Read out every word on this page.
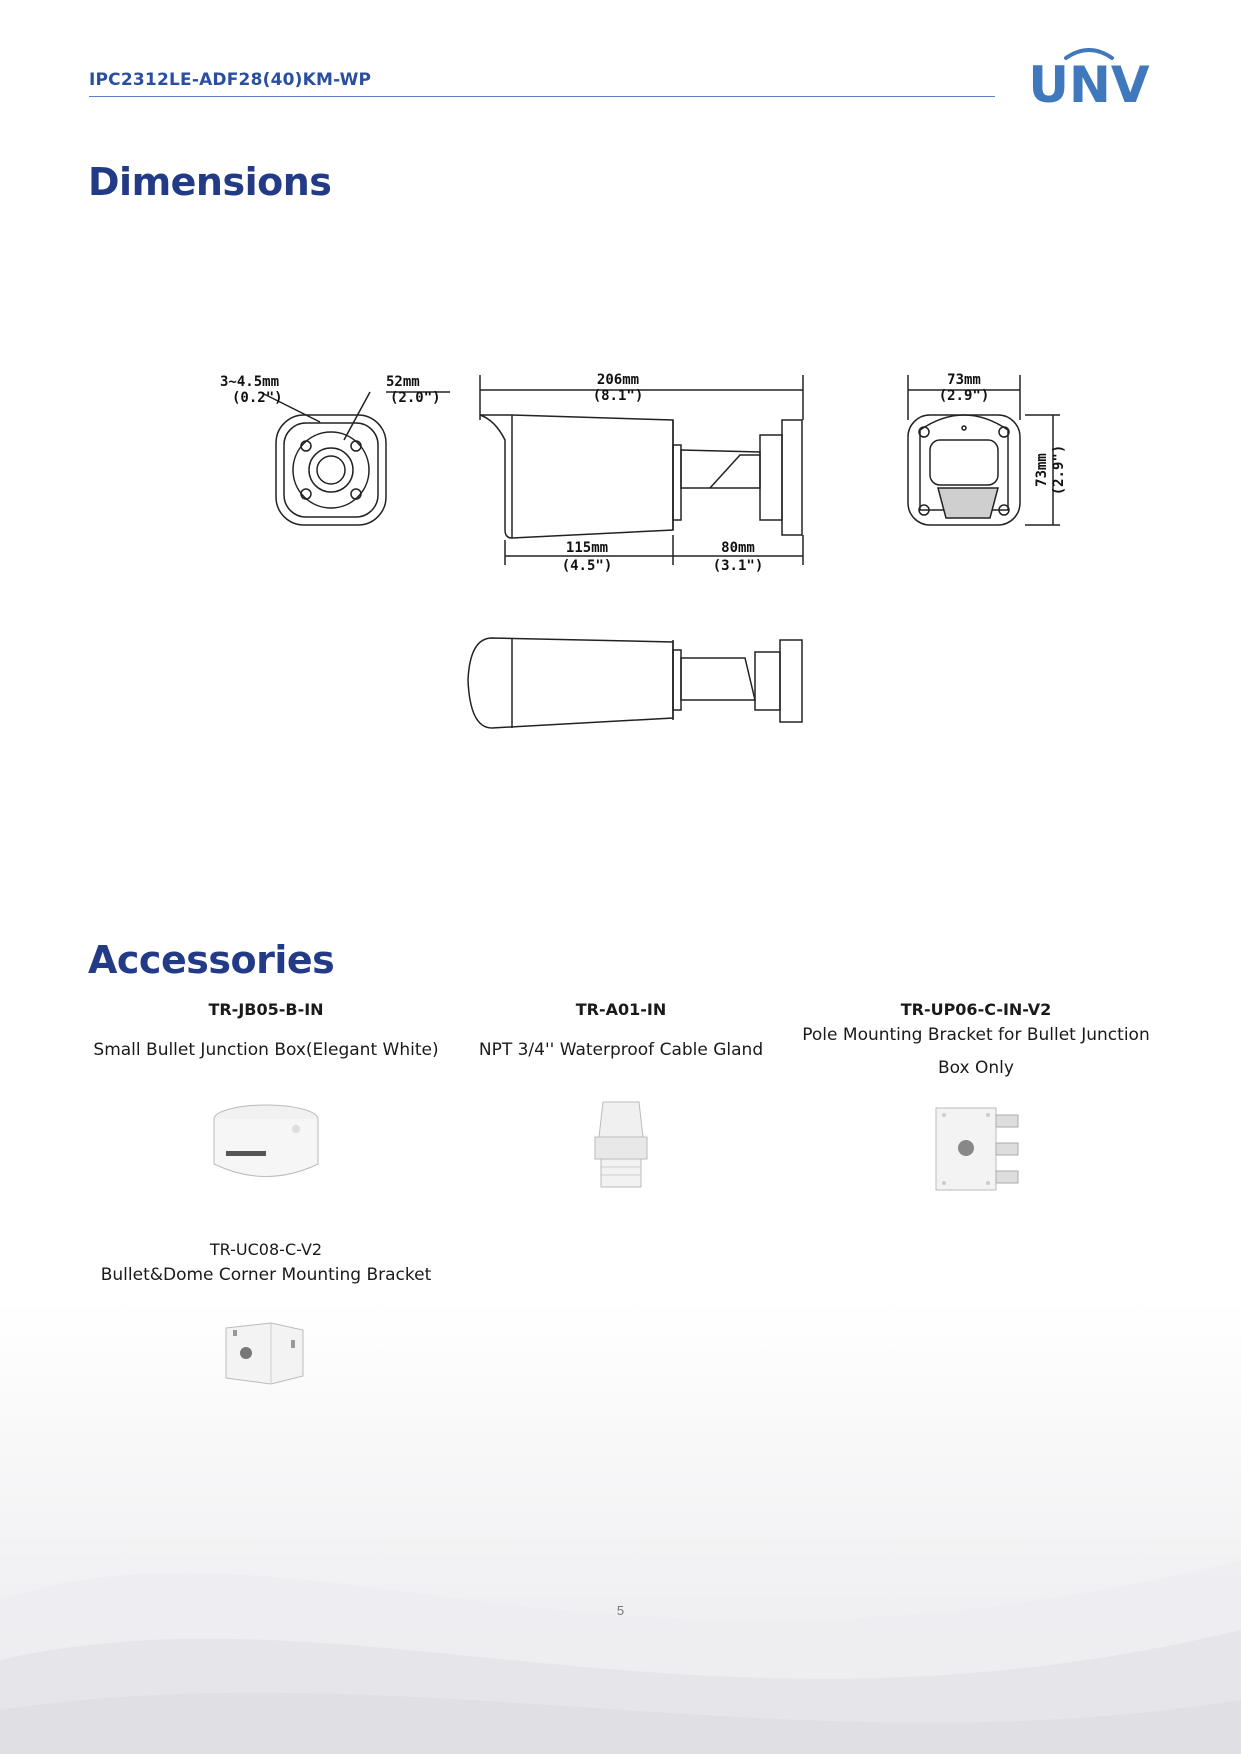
IPC2312LE-ADF28(40)KM-WP	UNV
Dimensions
3~4.5mm
(0.2")
52mm
(2.0")
206mm
(8.1")
115mm
(4.5")
80mm
(3.1")
73mm
(2.9")
73mm (2.9")
Accessories
TR-JB05-B-IN
Small Bullet Junction Box(Elegant White)
TR-A01-IN
NPT 3/4'' Waterproof Cable Gland
TR-UP06-C-IN-V2
Pole Mounting Bracket for Bullet Junction
Box Only
TR-UC08-C-V2
Bullet&Dome Corner Mounting Bracket
5
